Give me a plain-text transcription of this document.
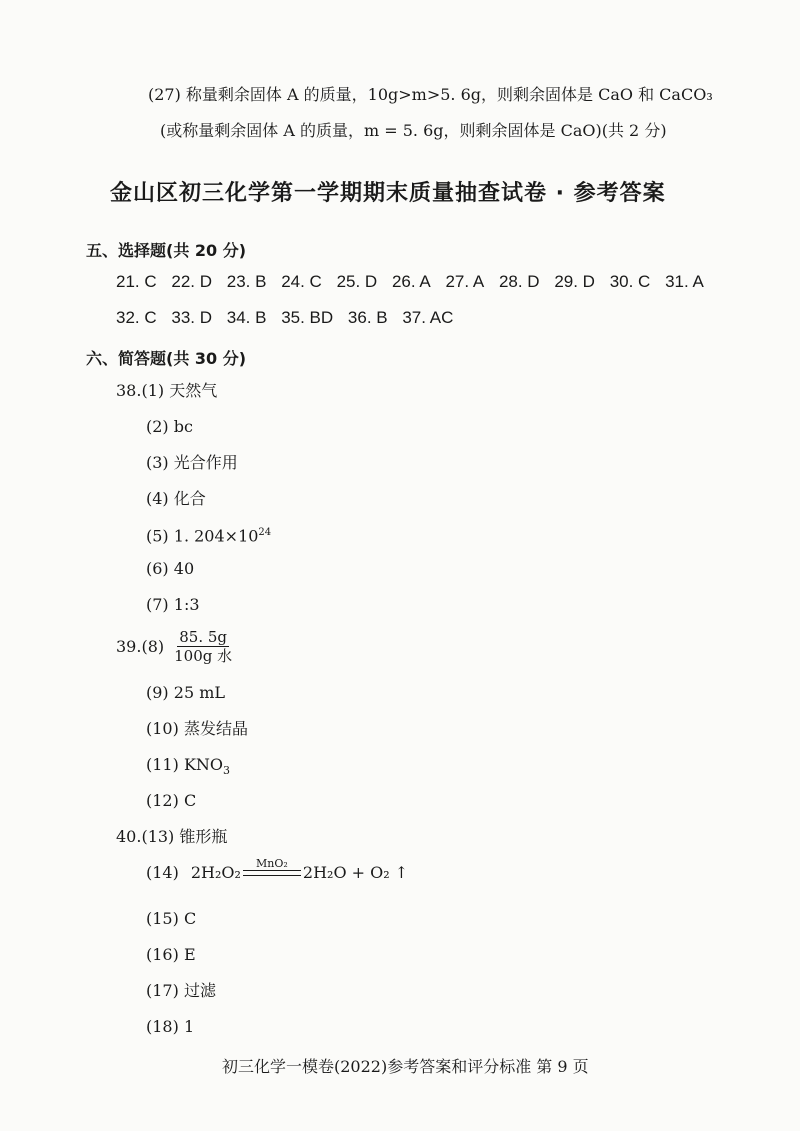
(27) 称量剩余固体 A 的质量，10g>m>5. 6g，则剩余固体是 CaO 和 CaCO₃
(或称量剩余固体 A 的质量，m = 5. 6g，则剩余固体是 CaO)(共 2 分)
金山区初三化学第一学期期末质量抽查试卷 · 参考答案
五、选择题(共 20 分)
21. C 22. D 23. B 24. C 25. D 26. A 27. A 28. D 29. D 30. C 31. A
32. C 33. D 34. B 35. BD 36. B 37. AC
六、简答题(共 30 分)
38.(1) 天然气
(2) bc
(3) 光合作用
(4) 化合
(5) 1. $204\times 10^{24}$
(6) 40
(7) 1:3
39. $(8) \frac{85. 5g}{\text{100g 水}}$
(9) 25 mL
(10) 蒸发结晶
(11) $KNO_3$
(12) C
40.(13) 锥形瓶
(14) 2H₂O₂ MnO₂ 2H₂O + O₂ ↑
(15) C
(16) E
(17) 过滤
(18) 1
初三化学一模卷(2022)参考答案和评分标准 第 9 页
